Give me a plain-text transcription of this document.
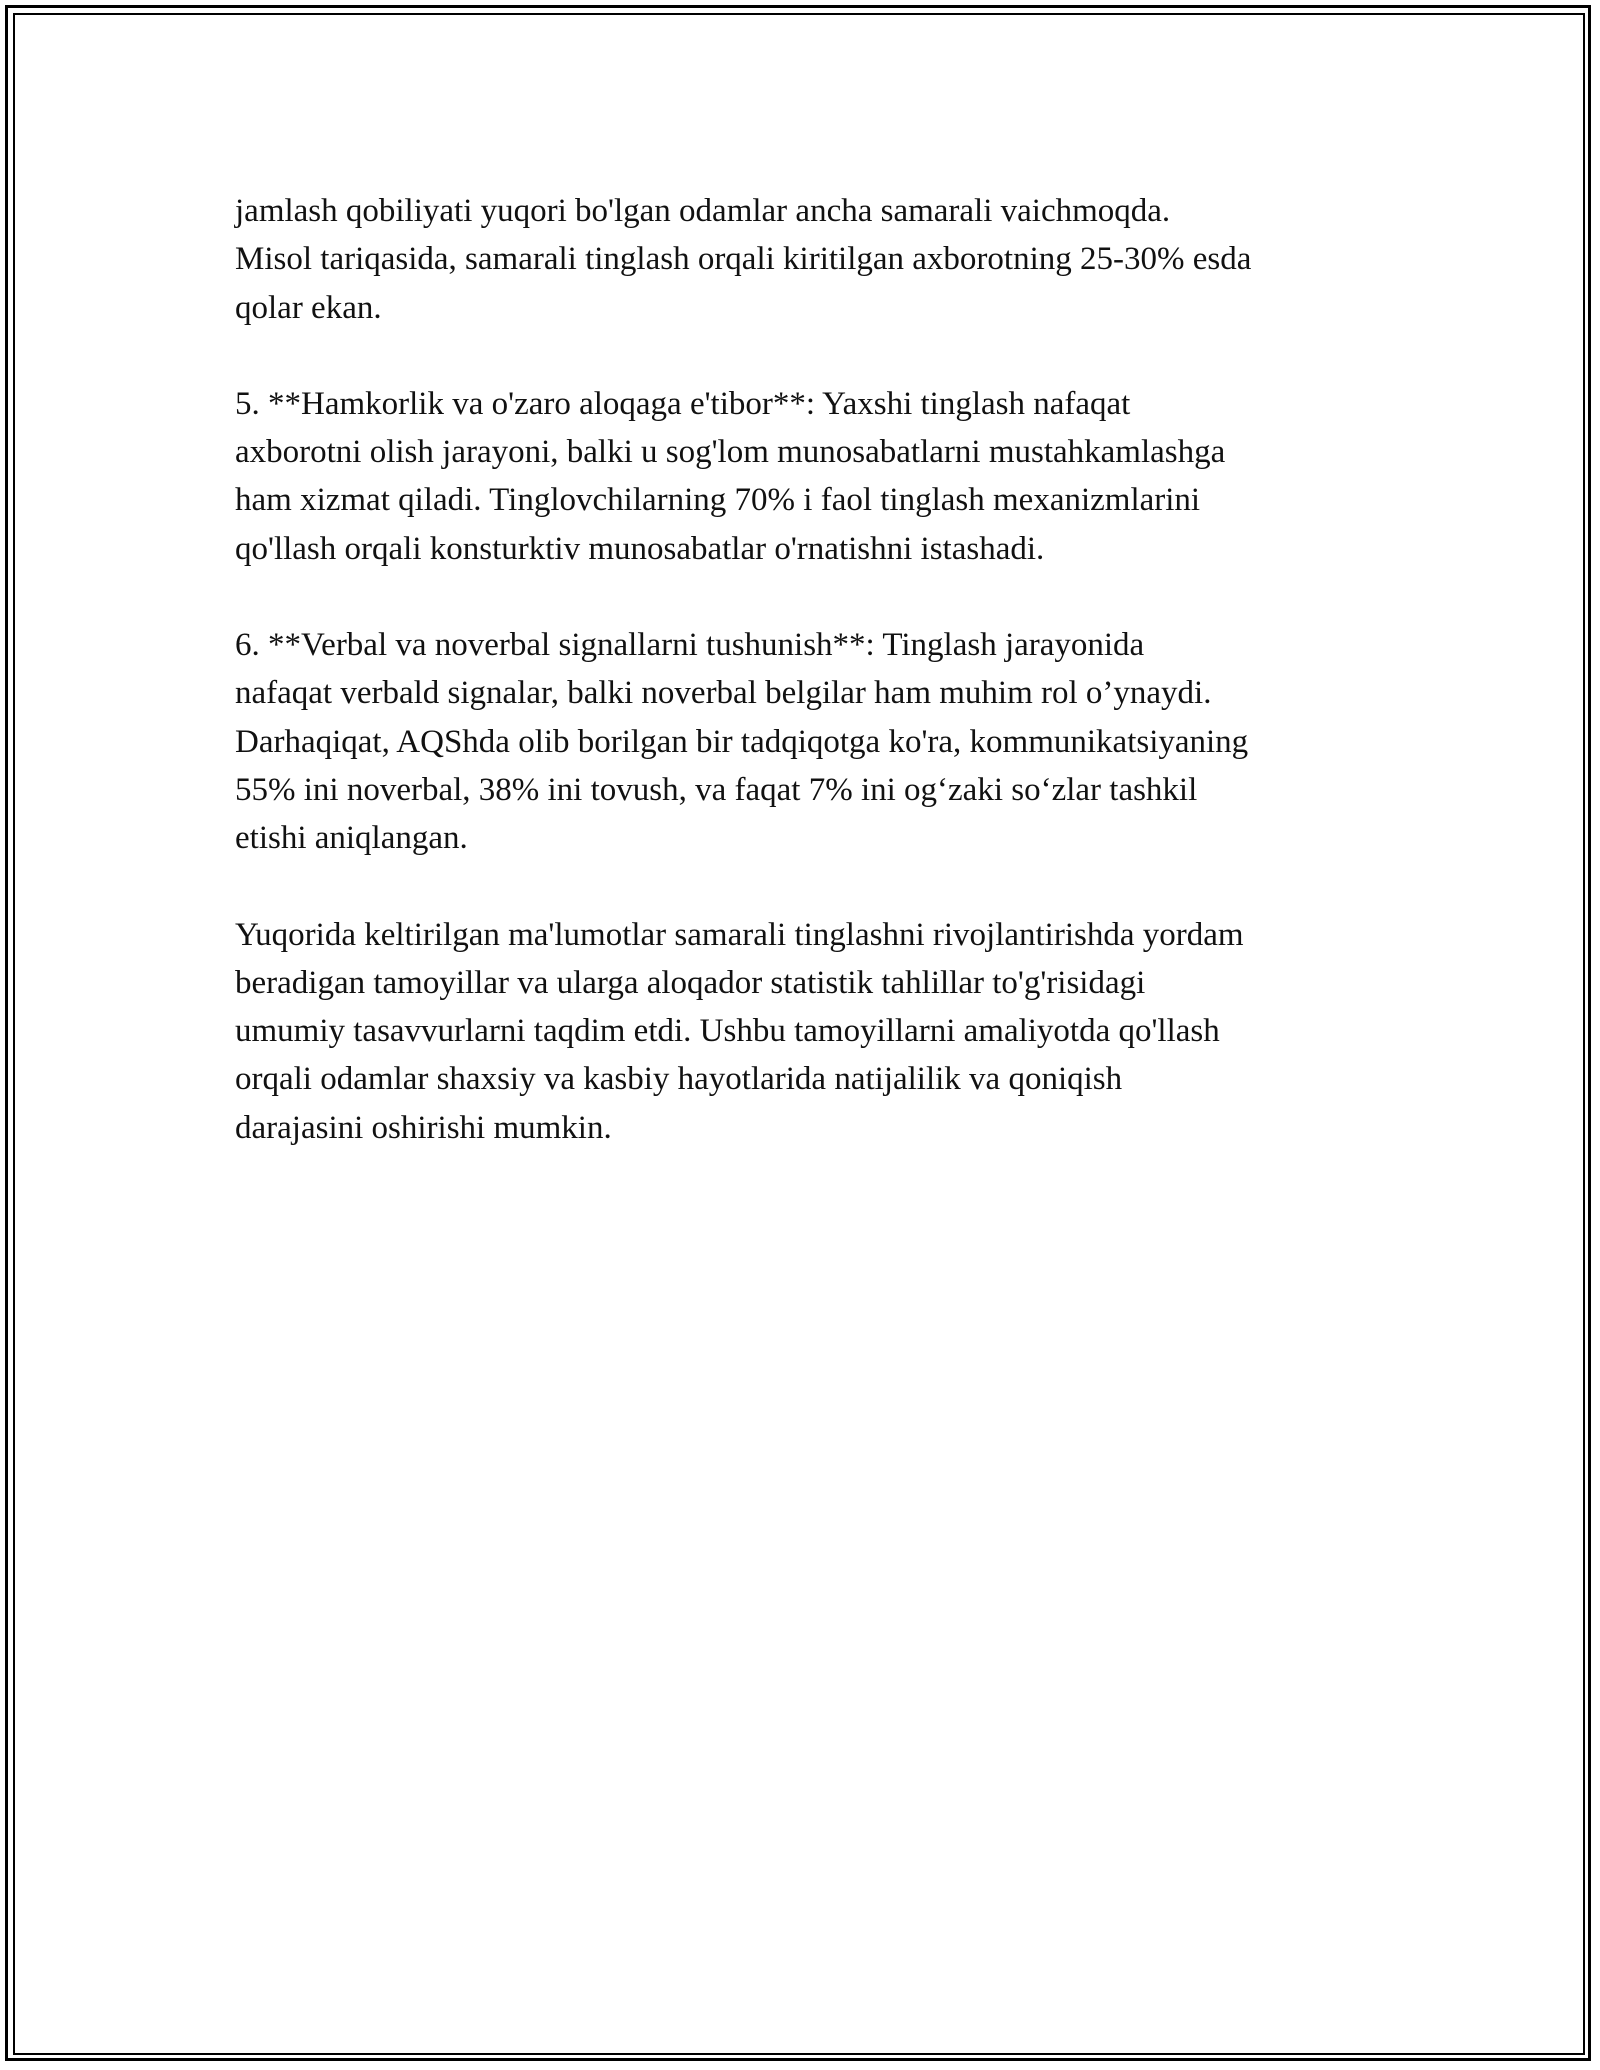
jamlash qobiliyati yuqori bo'lgan odamlar ancha samarali vaichmoqda.
Misol tariqasida, samarali tinglash orqali kiritilgan axborotning 25-30% esda
qolar ekan.

5. **Hamkorlik va o'zaro aloqaga e'tibor**: Yaxshi tinglash nafaqat
axborotni olish jarayoni, balki u sog'lom munosabatlarni mustahkamlashga
ham xizmat qiladi. Tinglovchilarning 70% i faol tinglash mexanizmlarini
qo'llash orqali konsturktiv munosabatlar o'rnatishni istashadi.

6. **Verbal va noverbal signallarni tushunish**: Tinglash jarayonida
nafaqat verbald signalar, balki noverbal belgilar ham muhim rol o’ynaydi.
Darhaqiqat, AQShda olib borilgan bir tadqiqotga ko'ra, kommunikatsiyaning
55% ini noverbal, 38% ini tovush, va faqat 7% ini og‘zaki so‘zlar tashkil
etishi aniqlangan.

Yuqorida keltirilgan ma'lumotlar samarali tinglashni rivojlantirishda yordam
beradigan tamoyillar va ularga aloqador statistik tahlillar to'g'risidagi
umumiy tasavvurlarni taqdim etdi. Ushbu tamoyillarni amaliyotda qo'llash
orqali odamlar shaxsiy va kasbiy hayotlarida natijalilik va qoniqish
darajasini oshirishi mumkin.
